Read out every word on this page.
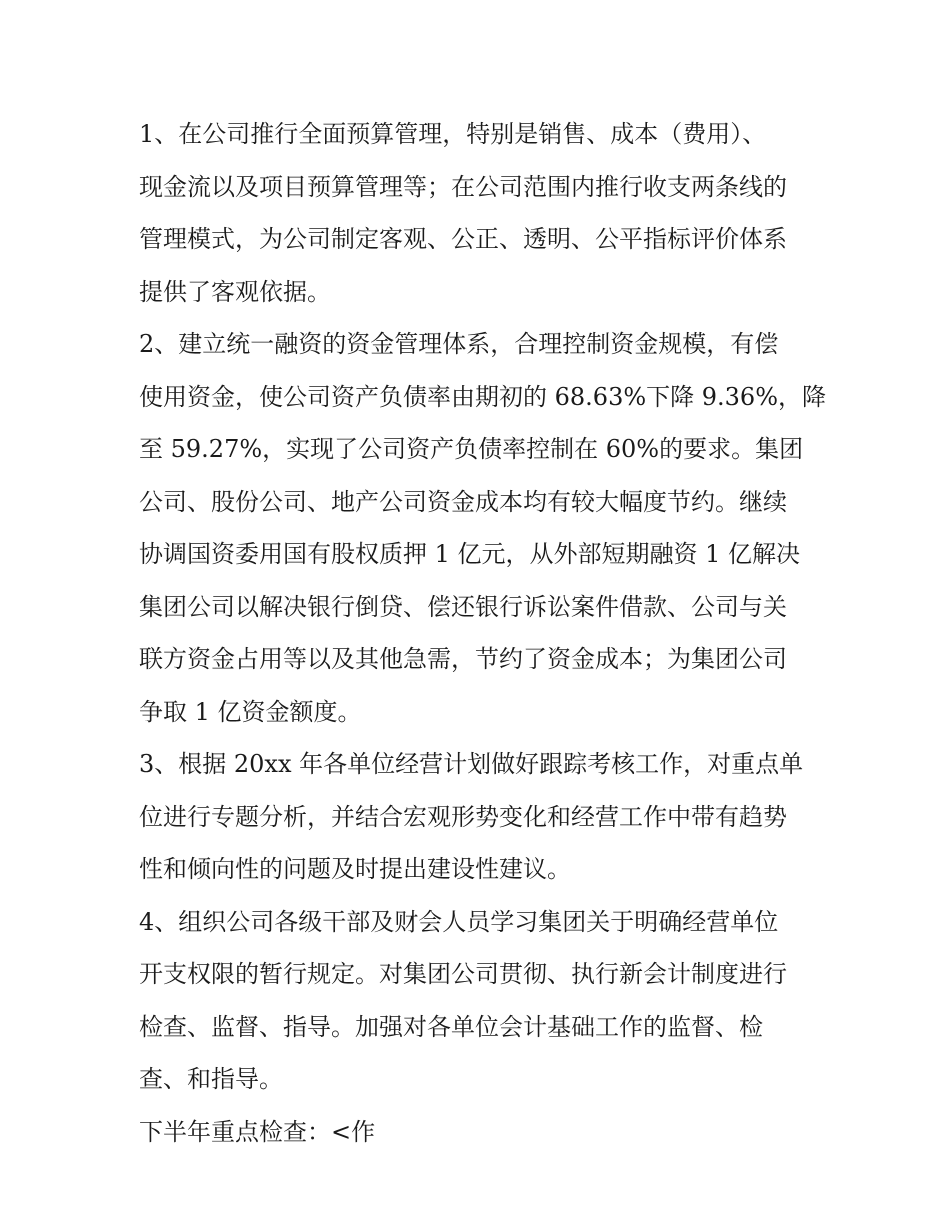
1、在公司推行全面预算管理，特别是销售、成本（费用）、
现金流以及项目预算管理等；在公司范围内推行收支两条线的
管理模式，为公司制定客观、公正、透明、公平指标评价体系
提供了客观依据。

2、建立统一融资的资金管理体系，合理控制资金规模，有偿
使用资金，使公司资产负债率由期初的 68.63%下降 9.36%，降
至 59.27%，实现了公司资产负债率控制在 60%的要求。集团
公司、股份公司、地产公司资金成本均有较大幅度节约。继续
协调国资委用国有股权质押 1 亿元，从外部短期融资 1 亿解决
集团公司以解决银行倒贷、偿还银行诉讼案件借款、公司与关
联方资金占用等以及其他急需，节约了资金成本；为集团公司
争取 1 亿资金额度。

3、根据 20xx 年各单位经营计划做好跟踪考核工作，对重点单
位进行专题分析，并结合宏观形势变化和经营工作中带有趋势
性和倾向性的问题及时提出建设性建议。

4、组织公司各级干部及财会人员学习集团关于明确经营单位
开支权限的暂行规定。对集团公司贯彻、执行新会计制度进行
检查、监督、指导。加强对各单位会计基础工作的监督、检
查、和指导。

下半年重点检查：<作
